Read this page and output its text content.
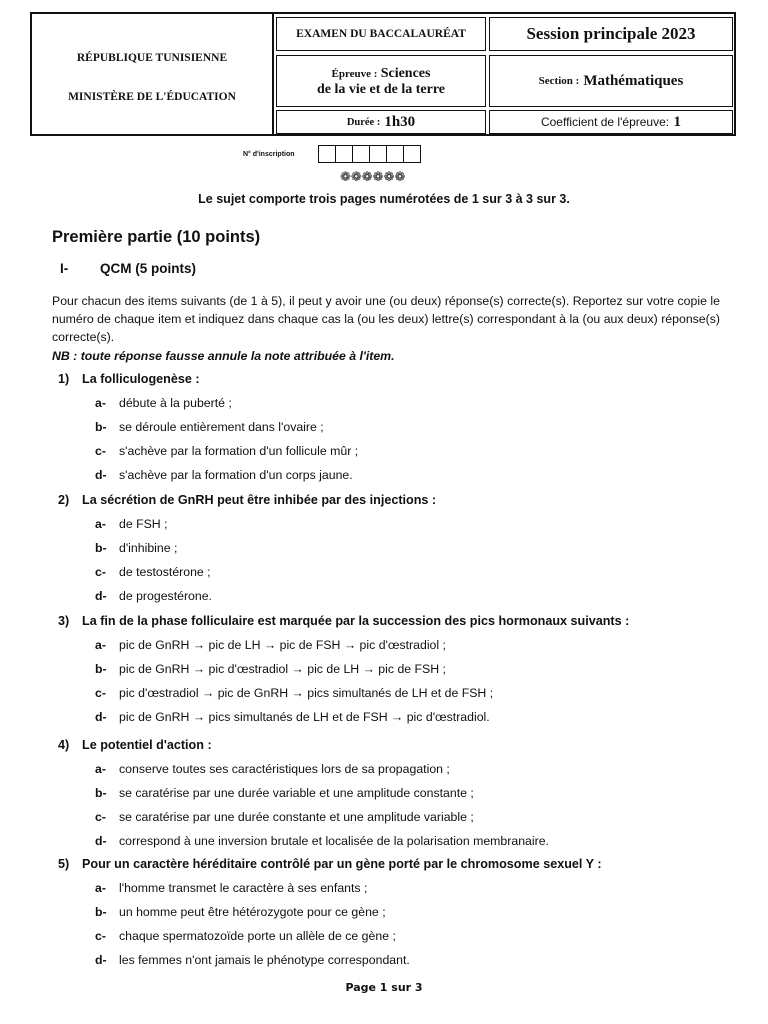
RÉPUBLIQUE TUNISIENNE
MINISTÈRE DE L'ÉDUCATION
EXAMEN DU BACCALAURÉAT	Session principale 2023
Épreuve : Sciences
de la vie et de la terre
Section :
Mathématiques
Durée :
1h30	Coefficient de l'épreuve:
1
N° d'inscription
❁❁❁❁❁❁
Le sujet comporte trois pages numérotées de 1 sur 3 à 3 sur 3.
Première partie (10 points)
I- QCM (5 points)
Pour chacun des items suivants (de 1 à 5), il peut y avoir une (ou deux) réponse(s) correcte(s). Reportez sur votre copie le numéro de chaque item et indiquez dans chaque cas la (ou les deux) lettre(s) correspondant à la (ou aux deux) réponse(s) correcte(s).
NB : toute réponse fausse annule la note attribuée à l'item.
1) La folliculogenèse :
a- débute à la puberté ;
b- se déroule entièrement dans l'ovaire ;
c- s'achève par la formation d'un follicule mûr ;
d- s'achève par la formation d'un corps jaune.
2) La sécrétion de GnRH peut être inhibée par des injections :
a- de FSH ;
b- d'inhibine ;
c- de testostérone ;
d- de progestérone.
3) La fin de la phase folliculaire est marquée par la succession des pics hormonaux suivants :
a- pic de GnRH → pic de LH → pic de FSH → pic d'œstradiol ;
b- pic de GnRH → pic d'œstradiol → pic de LH → pic de FSH ;
c- pic d'œstradiol → pic de GnRH → pics simultanés de LH et de FSH ;
d- pic de GnRH → pics simultanés de LH et de FSH → pic d'œstradiol.
4) Le potentiel d'action :
a- conserve toutes ses caractéristiques lors de sa propagation ;
b- se caratérise par une durée variable et une amplitude constante ;
c- se caratérise par une durée constante et une amplitude variable ;
d- correspond à une inversion brutale et localisée de la polarisation membranaire.
5) Pour un caractère héréditaire contrôlé par un gène porté par le chromosome sexuel Y :
a- l'homme transmet le caractère à ses enfants ;
b- un homme peut être hétérozygote pour ce gène ;
c- chaque spermatozoïde porte un allèle de ce gène ;
d- les femmes n'ont jamais le phénotype correspondant.
Page 1 sur 3
